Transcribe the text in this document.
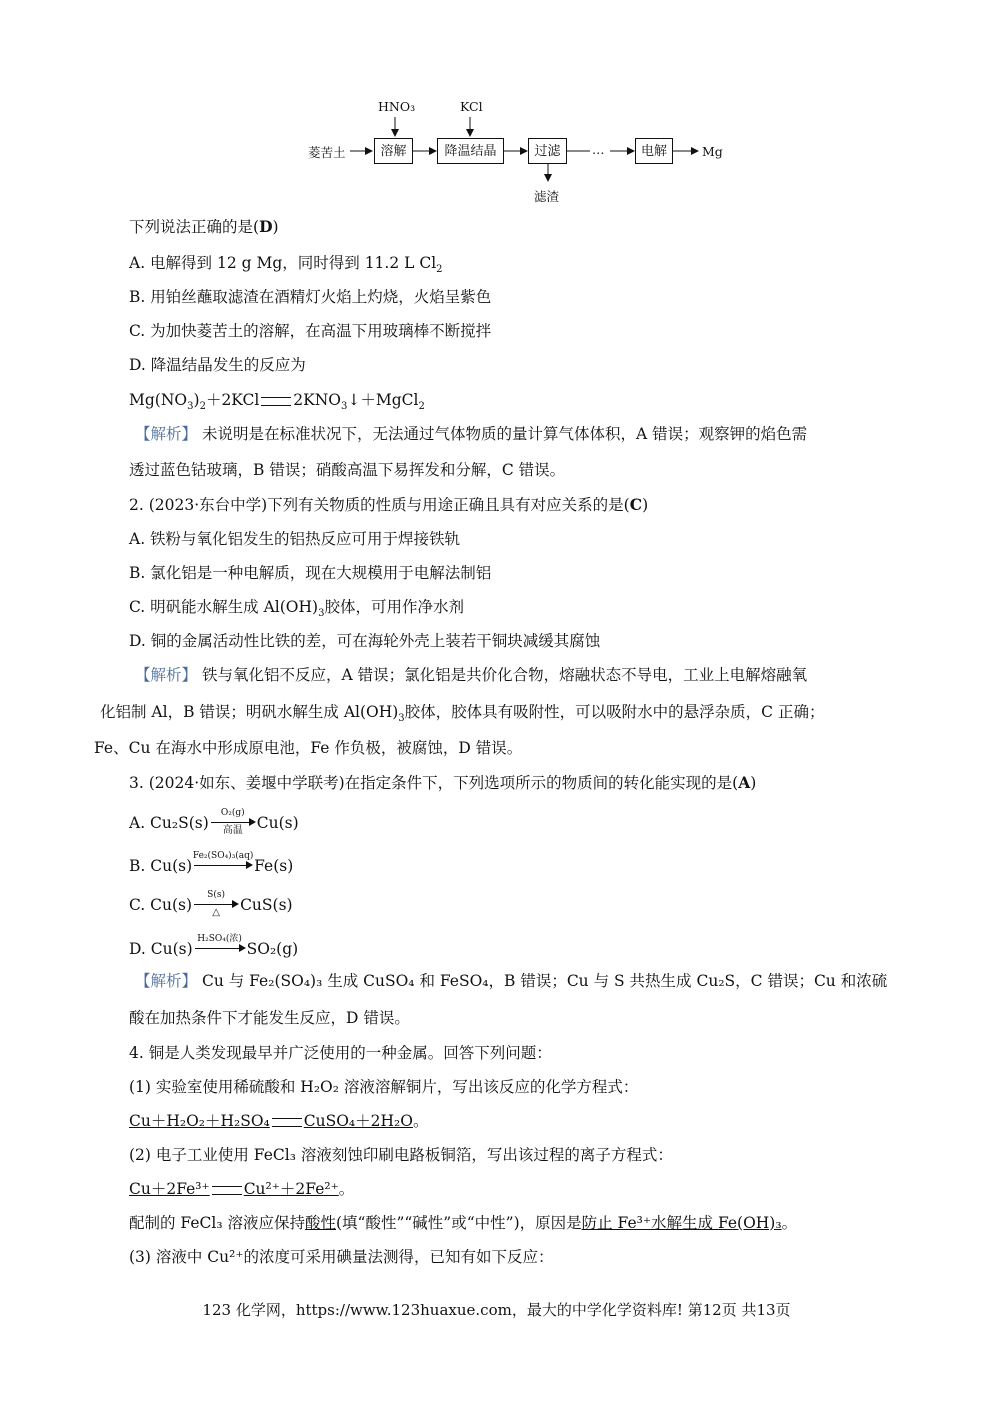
菱苦土
HNO₃	KCl
溶解	降温结晶	过滤	…	电解	Mg
滤渣
下列说法正确的是(D)
A. 电解得到 12 g Mg，同时得到 11.2 L $Cl_2$
B. 用铂丝蘸取滤渣在酒精灯火焰上灼烧，火焰呈紫色
C. 为加快菱苦土的溶解，在高温下用玻璃棒不断搅拌
D. 降温结晶发生的反应为
$Mg(NO_3)_2+2KCl$ $2KNO_3↓+MgCl_2$
【解析】 未说明是在标准状况下，无法通过气体物质的量计算气体体积，A 错误；观察钾的焰色需
透过蓝色钴玻璃，B 错误；硝酸高温下易挥发和分解，C 错误。
2. (2023·东台中学)下列有关物质的性质与用途正确且具有对应关系的是(C)
A. 铁粉与氧化铝发生的铝热反应可用于焊接铁轨
B. 氯化铝是一种电解质，现在大规模用于电解法制铝
C. 明矾能水解生成 $Al(OH)_3$胶体，可用作净水剂
D. 铜的金属活动性比铁的差，可在海轮外壳上装若干铜块减缓其腐蚀
【解析】 铁与氧化铝不反应，A 错误；氯化铝是共价化合物，熔融状态不导电，工业上电解熔融氧
化铝制 Al，B 错误；明矾水解生成 $Al(OH)_3$胶体，胶体具有吸附性，可以吸附水中的悬浮杂质，C 正确；
Fe、Cu 在海水中形成原电池，Fe 作负极，被腐蚀，D 错误。
3. (2024·如东、姜堰中学联考)在指定条件下，下列选项所示的物质间的转化能实现的是(A)
A. Cu₂S(s)
O₂(g)
高温 Cu(s)
B. Cu(s)
Fe₂(SO₄)₃(aq)
Fe(s)
C. Cu(s)
S(s)
△	CuS(s)
D. Cu(s)
H₂SO₄(浓)
SO₂(g)
【解析】 Cu 与 Fe₂(SO₄)₃ 生成 CuSO₄ 和 FeSO₄，B 错误；Cu 与 S 共热生成 Cu₂S，C 错误；Cu 和浓硫
酸在加热条件下才能发生反应，D 错误。
4. 铜是人类发现最早并广泛使用的一种金属。回答下列问题：
(1) 实验室使用稀硫酸和 H₂O₂ 溶液溶解铜片，写出该反应的化学方程式：
Cu＋H₂O₂＋H₂SO₄ CuSO₄＋2H₂O。
(2) 电子工业使用 FeCl₃ 溶液刻蚀印刷电路板铜箔，写出该过程的离子方程式：
Cu＋2Fe³⁺ Cu²⁺＋2Fe²⁺。
配制的 FeCl₃ 溶液应保持酸性(填“酸性”“碱性”或“中性”)，原因是防止 Fe³⁺水解生成 Fe(OH)₃。
(3) 溶液中 Cu²⁺的浓度可采用碘量法测得，已知有如下反应：
123 化学网，https://www.123huaxue.com，最大的中学化学资料库! 第12页 共13页
